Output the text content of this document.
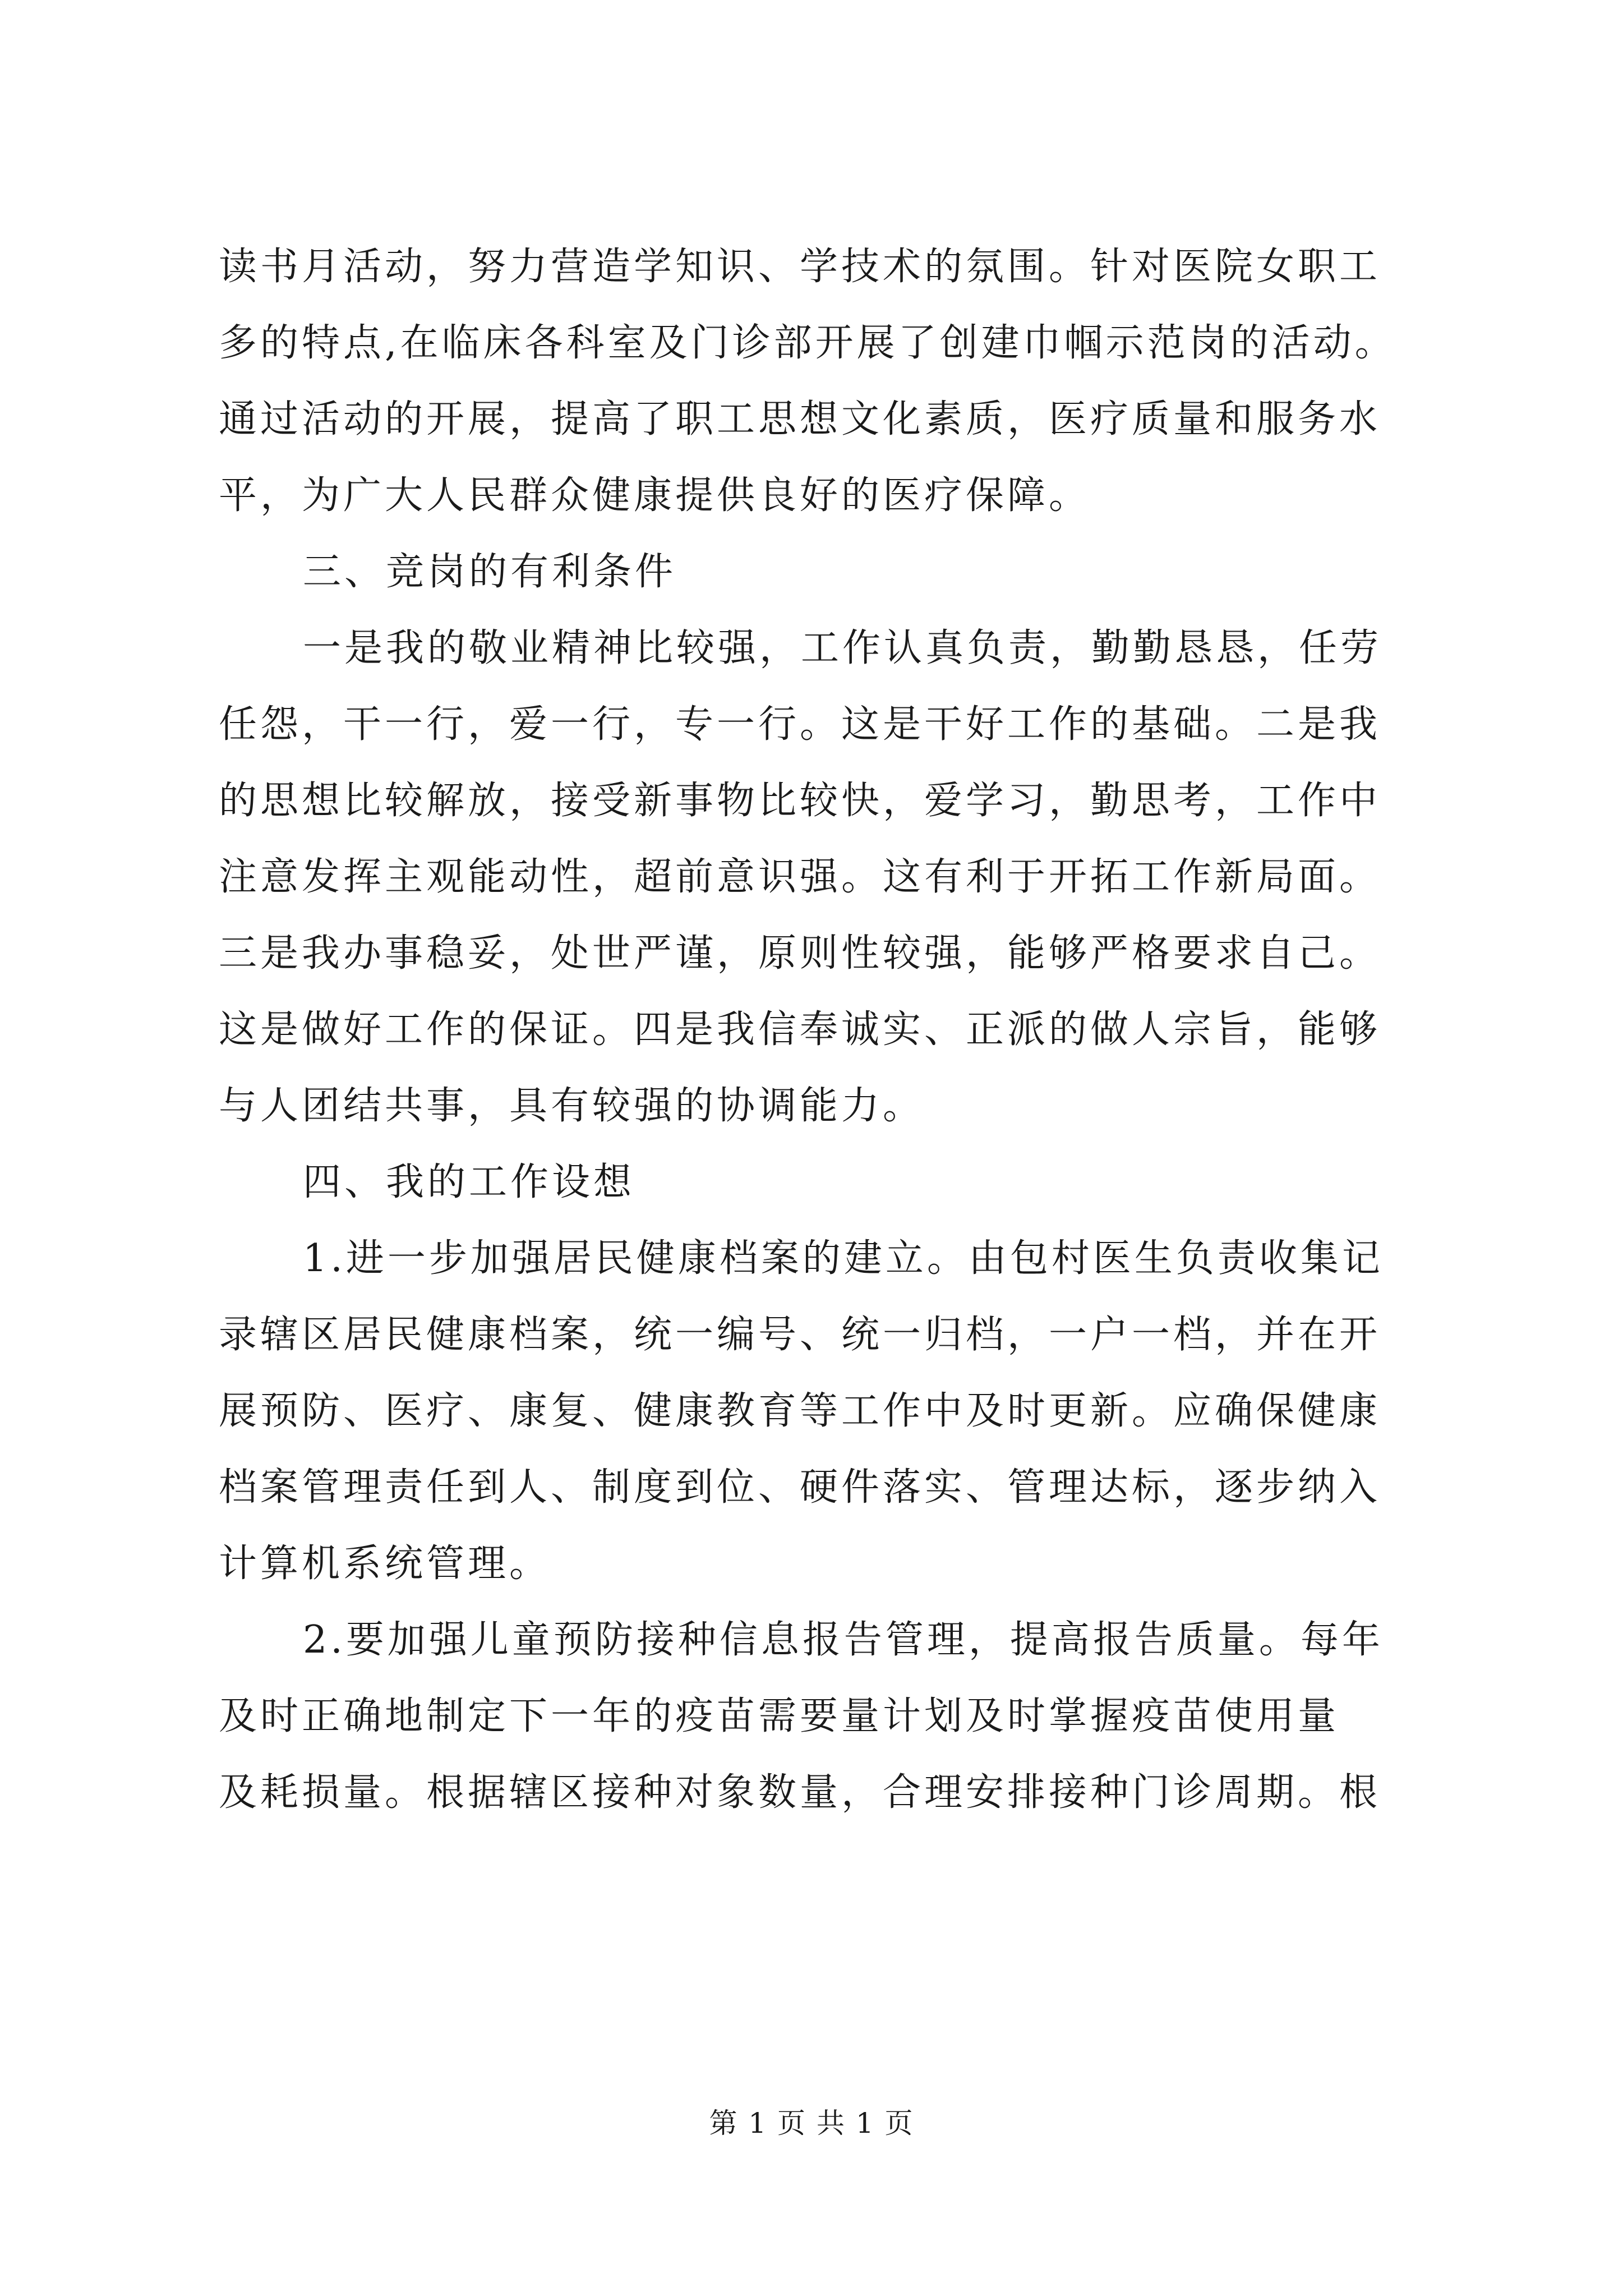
读书月活动，努力营造学知识、学技术的氛围。针对医院女职工
多的特点,在临床各科室及门诊部开展了创建巾帼示范岗的活动。
通过活动的开展，提高了职工思想文化素质，医疗质量和服务水
平，为广大人民群众健康提供良好的医疗保障。
三、竞岗的有利条件
一是我的敬业精神比较强，工作认真负责，勤勤恳恳，任劳
任怨，干一行，爱一行，专一行。这是干好工作的基础。二是我
的思想比较解放，接受新事物比较快，爱学习，勤思考，工作中
注意发挥主观能动性，超前意识强。这有利于开拓工作新局面。
三是我办事稳妥，处世严谨，原则性较强，能够严格要求自己。
这是做好工作的保证。四是我信奉诚实、正派的做人宗旨，能够
与人团结共事，具有较强的协调能力。
四、我的工作设想
1.进一步加强居民健康档案的建立。由包村医生负责收集记
录辖区居民健康档案，统一编号、统一归档，一户一档，并在开
展预防、医疗、康复、健康教育等工作中及时更新。应确保健康
档案管理责任到人、制度到位、硬件落实、管理达标，逐步纳入
计算机系统管理。
2.要加强儿童预防接种信息报告管理，提高报告质量。每年
及时正确地制定下一年的疫苗需要量计划及时掌握疫苗使用量
及耗损量。根据辖区接种对象数量，合理安排接种门诊周期。根
第 1 页 共 1 页
